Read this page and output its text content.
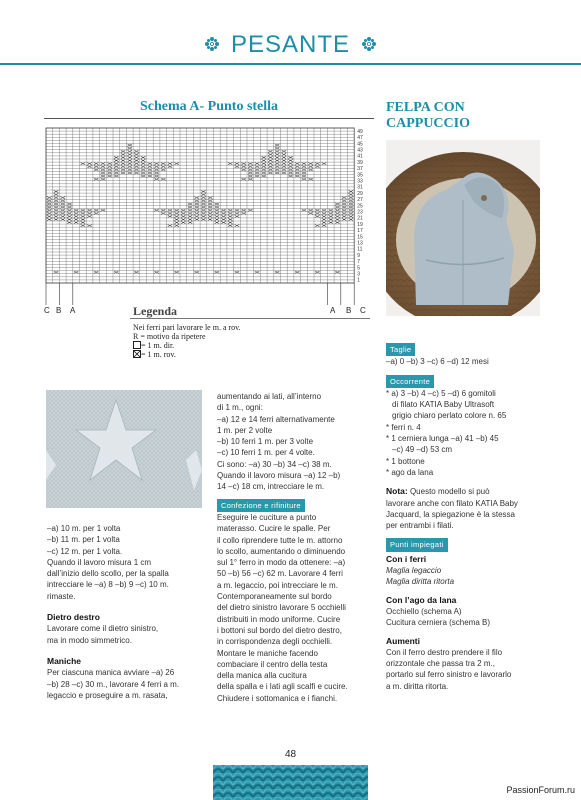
PESANTE
Schema A- Punto stella
49
47
45
43
41
39
37
35
33
31
29
27
25
23
21
19
17
15
13
11
9
7
5
3
1
C B A	A B C
Legenda
Nei ferri pari lavorare le m. a rov.
R = motivo da ripetere
= 1 m. dir.
= 1 m. rov.

–a) 10 m. per 1 volta

–b) 11 m. per 1 volta

–c) 12 m. per 1 volta.

Quando il lavoro misura 1 cm

dall’inizio dello scollo, per la spalla

intrecciare le –a) 8 –b) 9 –c) 10 m.

rimaste.

Dietro destro

Lavorare come il dietro sinistro,

ma in modo simmetrico.

Maniche

Per ciascuna manica avviare –a) 26

–b) 28 –c) 30 m., lavorare 4 ferri a m.

legaccio e proseguire a m. rasata,

aumentando ai lati, all’interno

di 1 m., ogni:

–a) 12 e 14 ferri alternativamente

1 m. per 2 volte

–b) 10 ferri 1 m. per 3 volte

–c) 10 ferri 1 m. per 4 volte.

Ci sono: –a) 30 –b) 34 –c) 38 m.

Quando il lavoro misura –a) 12 –b)

14 –c) 18 cm, intrecciare le m.

Confezione e rifiniture

Eseguire le cuciture a punto

materasso. Cucire le spalle. Per

il collo riprendere tutte le m. attorno

lo scollo, aumentando o diminuendo

sul 1° ferro in modo da ottenere: –a)

50 –b) 56 –c) 62 m. Lavorare 4 ferri

a m. legaccio, poi intrecciare le m.

Contemporaneamente sul bordo

del dietro sinistro lavorare 5 occhielli

distribuiti in modo uniforme. Cucire

i bottoni sul bordo del dietro destro,

in corrispondenza degli occhielli.

Montare le maniche facendo

combaciare il centro della testa

della manica alla cucitura

della spalla e i lati agli scalfi e cucire.

Chiudere i sottomanica e i fianchi.

FELPA CON
CAPPUCCIO

Taglie

–a) 0 –b) 3 –c) 6 –d) 12 mesi

Occorrente

* a) 3 –b) 4 –c) 5 –d) 6 gomitoli

di filato KATIA Baby Ultrasoft

grigio chiaro perlato colore n. 65

* ferri n. 4

* 1 cerniera lunga –a) 41 –b) 45

–c) 49 –d) 53 cm

* 1 bottone

* ago da lana

Nota: Questo modello si può

lavorare anche con filato KATIA Baby

Jacquard, la spiegazione è la stessa

per entrambi i filati.

Punti impiegati

Con i ferri

Maglia legaccio

Maglia diritta ritorta

Con l’ago da lana

Occhiello (schema A)

Cucitura cerniera (schema B)

Aumenti

Con il ferro destro prendere il filo

orizzontale che passa tra 2 m.,

portarlo sul ferro sinistro e lavorarlo

a m. diritta ritorta.

48
PassionForum.ru
